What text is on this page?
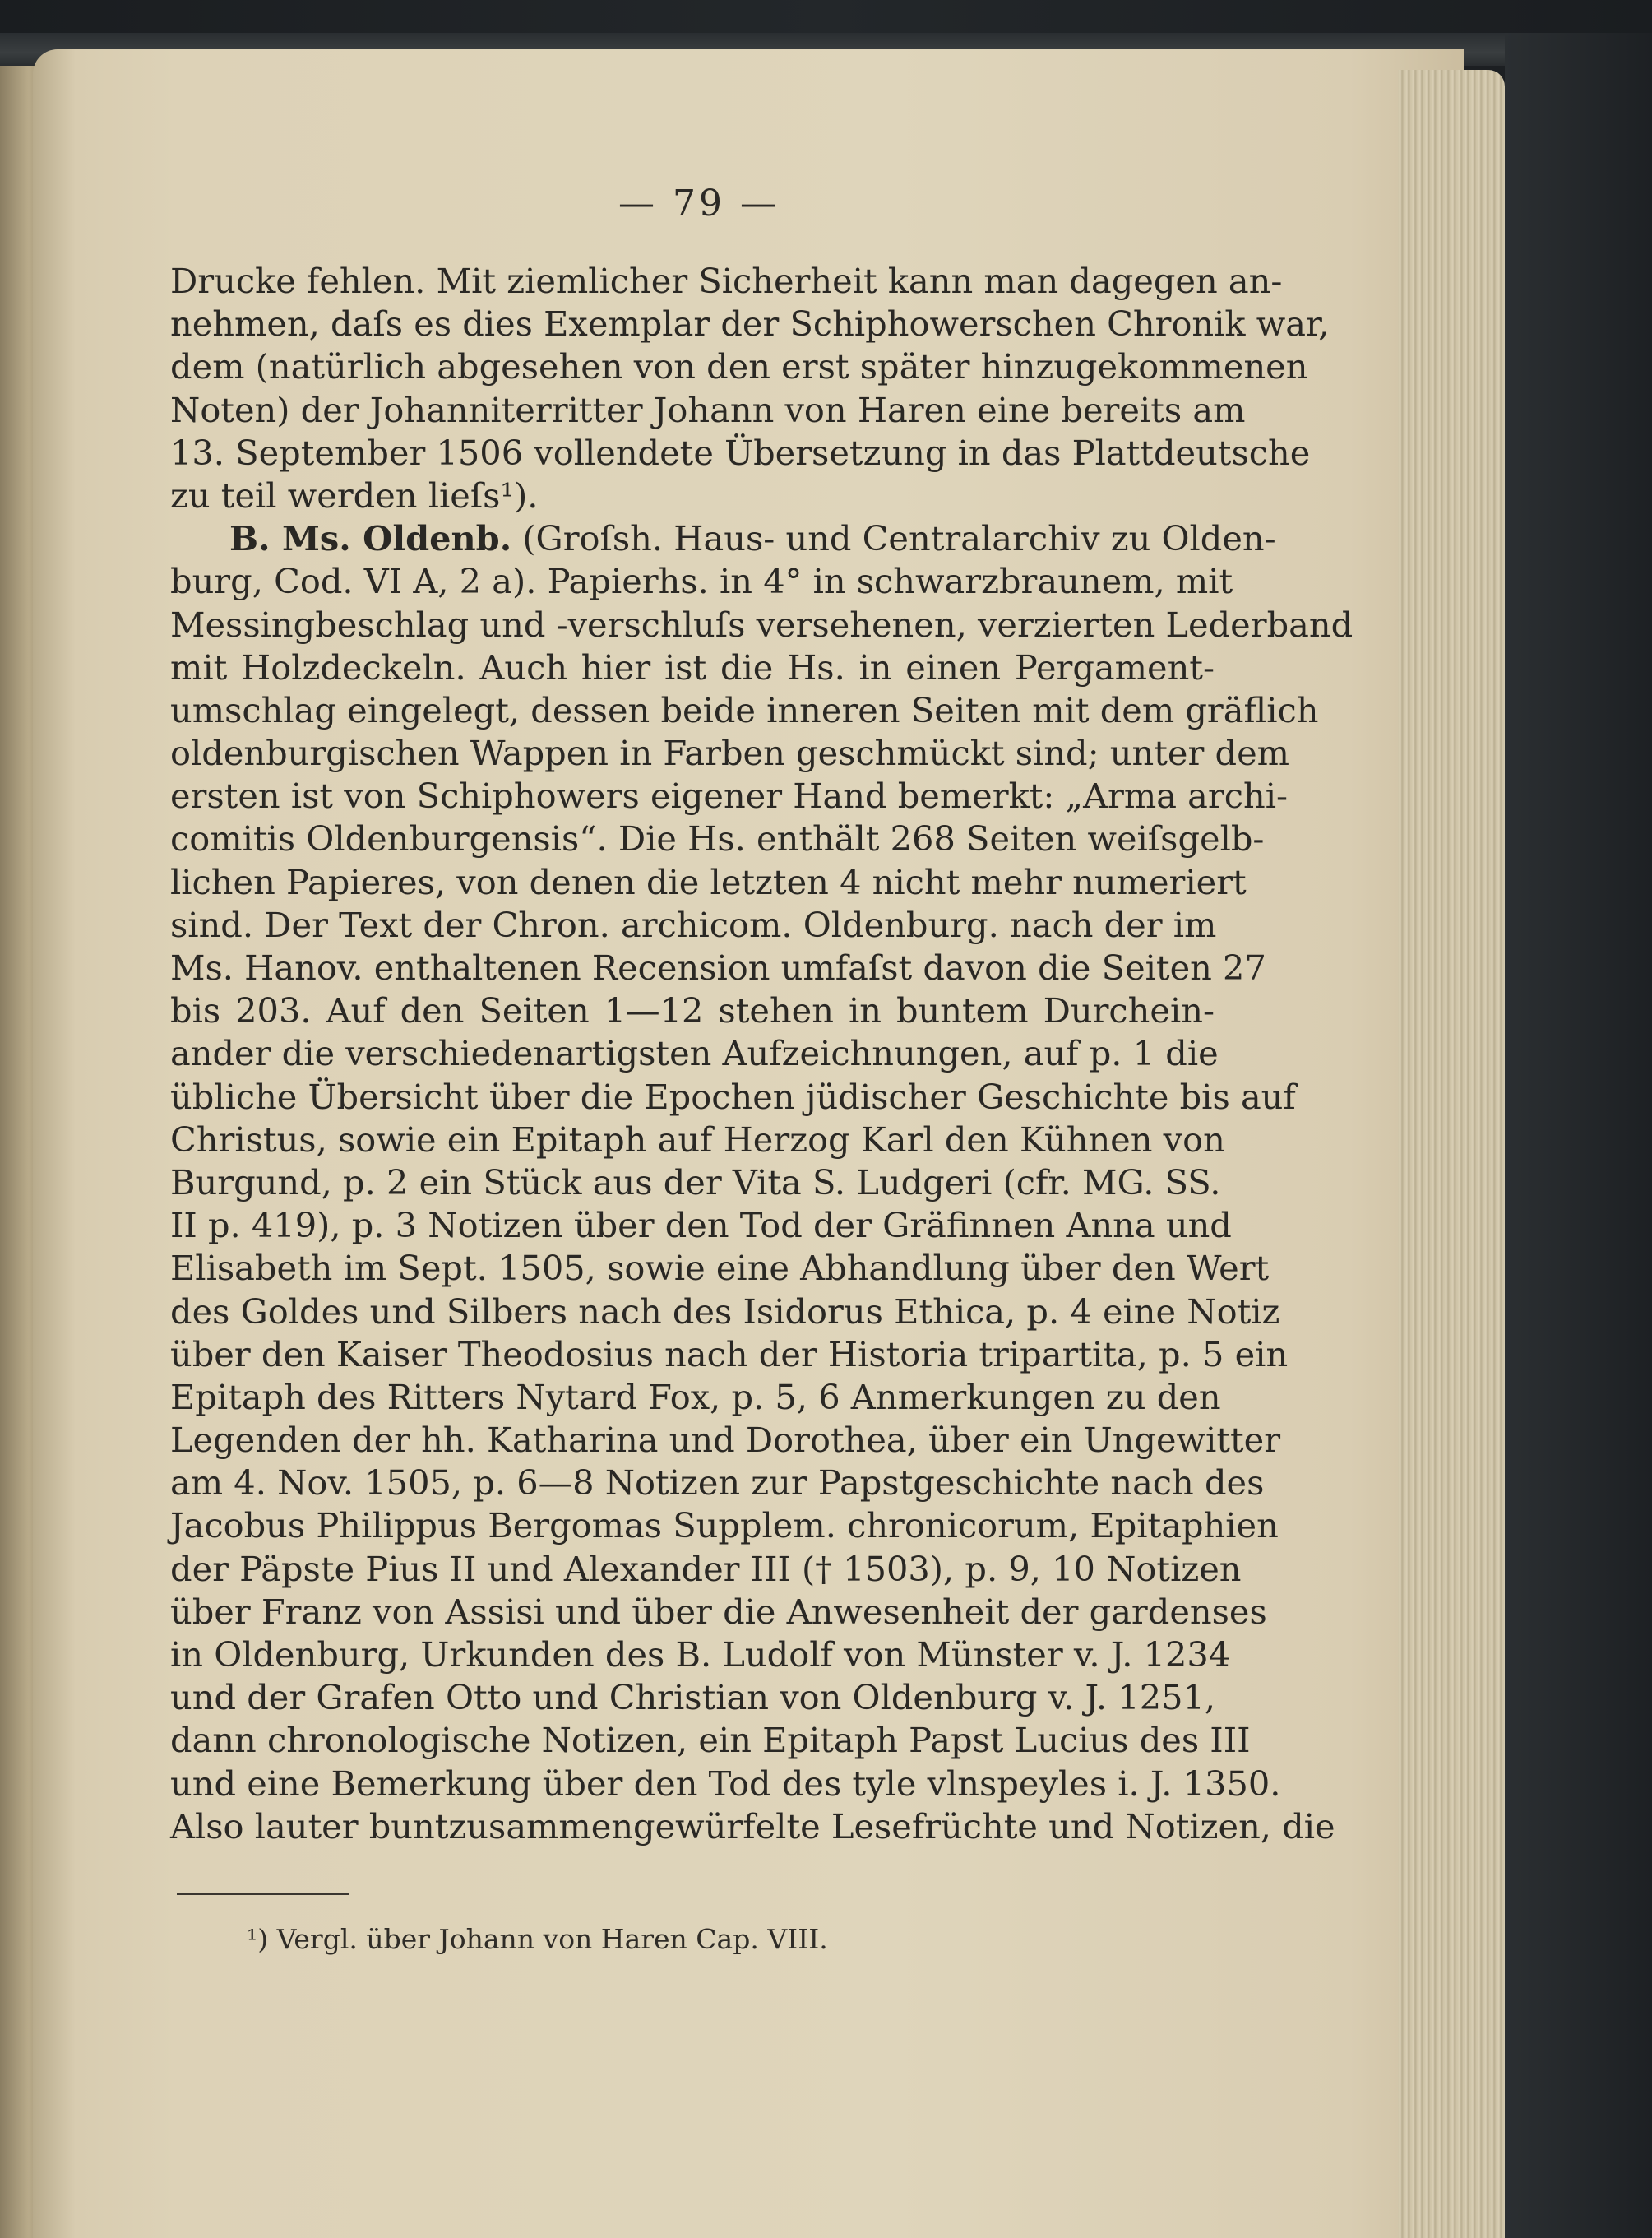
— 79 —
Drucke fehlen. Mit ziemlicher Sicherheit kann man dagegen an-
nehmen, daſs es dies Exemplar der Schiphowerschen Chronik war,
dem (natürlich abgesehen von den erst später hinzugekommenen
Noten) der Johanniterritter Johann von Haren eine bereits am
13. September 1506 vollendete Übersetzung in das Plattdeutsche
zu teil werden lieſs¹).
B. Ms. Oldenb. (Groſsh. Haus- und Centralarchiv zu Olden-
burg, Cod. VI A, 2 a). Papierhs. in 4° in schwarzbraunem, mit
Messingbeschlag und -verschluſs versehenen, verzierten Lederband
mit Holzdeckeln. Auch hier ist die Hs. in einen Pergament-
umschlag eingelegt, dessen beide inneren Seiten mit dem gräflich
oldenburgischen Wappen in Farben geschmückt sind; unter dem
ersten ist von Schiphowers eigener Hand bemerkt: „Arma archi-
comitis Oldenburgensis“. Die Hs. enthält 268 Seiten weiſsgelb-
lichen Papieres, von denen die letzten 4 nicht mehr numeriert
sind. Der Text der Chron. archicom. Oldenburg. nach der im
Ms. Hanov. enthaltenen Recension umfaſst davon die Seiten 27
bis 203. Auf den Seiten 1—12 stehen in buntem Durchein-
ander die verschiedenartigsten Aufzeichnungen, auf p. 1 die
übliche Übersicht über die Epochen jüdischer Geschichte bis auf
Christus, sowie ein Epitaph auf Herzog Karl den Kühnen von
Burgund, p. 2 ein Stück aus der Vita S. Ludgeri (cfr. MG. SS.
II p. 419), p. 3 Notizen über den Tod der Gräfinnen Anna und
Elisabeth im Sept. 1505, sowie eine Abhandlung über den Wert
des Goldes und Silbers nach des Isidorus Ethica, p. 4 eine Notiz
über den Kaiser Theodosius nach der Historia tripartita, p. 5 ein
Epitaph des Ritters Nytard Fox, p. 5, 6 Anmerkungen zu den
Legenden der hh. Katharina und Dorothea, über ein Ungewitter
am 4. Nov. 1505, p. 6—8 Notizen zur Papstgeschichte nach des
Jacobus Philippus Bergomas Supplem. chronicorum, Epitaphien
der Päpste Pius II und Alexander III († 1503), p. 9, 10 Notizen
über Franz von Assisi und über die Anwesenheit der gardenses
in Oldenburg, Urkunden des B. Ludolf von Münster v. J. 1234
und der Grafen Otto und Christian von Oldenburg v. J. 1251,
dann chronologische Notizen, ein Epitaph Papst Lucius des III
und eine Bemerkung über den Tod des tyle vlnspeyles i. J. 1350.
Also lauter buntzusammengewürfelte Lesefrüchte und Notizen, die
¹) Vergl. über Johann von Haren Cap. VIII.
